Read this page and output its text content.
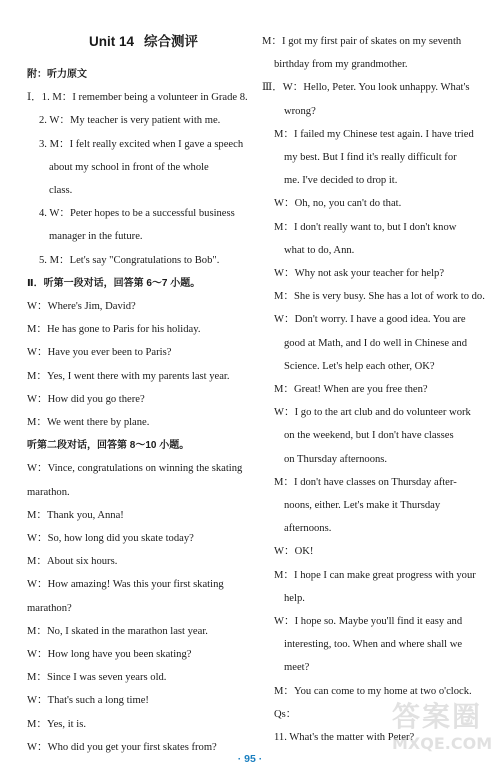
Unit 14 综合测评

附：听力原文

Ⅰ．1. M：I remember being a volunteer in Grade 8.

2. W：My teacher is very patient with me.

3. M：I felt really excited when I gave a speech

about my school in front of the whole

class.

4. W：Peter hopes to be a successful business

manager in the future.

5. M：Let's say "Congratulations to Bob".

Ⅱ．听第一段对话，回答第 6～7 小题。

W：Where's Jim, David?

M：He has gone to Paris for his holiday.

W：Have you ever been to Paris?

M：Yes, I went there with my parents last year.

W：How did you go there?

M：We went there by plane.

听第二段对话，回答第 8～10 小题。

W：Vince, congratulations on winning the skating

marathon.

M：Thank you, Anna!

W：So, how long did you skate today?

M：About six hours.

W：How amazing! Was this your first skating

marathon?

M：No, I skated in the marathon last year.

W：How long have you been skating?

M：Since I was seven years old.

W：That's such a long time!

M：Yes, it is.

W：Who did you get your first skates from?

M：I got my first pair of skates on my seventh

birthday from my grandmother.

Ⅲ．W：Hello, Peter. You look unhappy. What's

wrong?

M：I failed my Chinese test again. I have tried

my best. But I find it's really difficult for

me. I've decided to drop it.

W：Oh, no, you can't do that.

M：I don't really want to, but I don't know

what to do, Ann.

W：Why not ask your teacher for help?

M：She is very busy. She has a lot of work to do.

W：Don't worry. I have a good idea. You are

good at Math, and I do well in Chinese and

Science. Let's help each other, OK?

M：Great! When are you free then?

W：I go to the art club and do volunteer work

on the weekend, but I don't have classes

on Thursday afternoons.

M：I don't have classes on Thursday after-

noons, either. Let's make it Thursday

afternoons.

W：OK!

M：I hope I can make great progress with your

help.

W：I hope so. Maybe you'll find it easy and

interesting, too. When and where shall we

meet?

M：You can come to my home at two o'clock.

Qs：

11. What's the matter with Peter?

· 95 ·
答案圈
MXQE.COM
